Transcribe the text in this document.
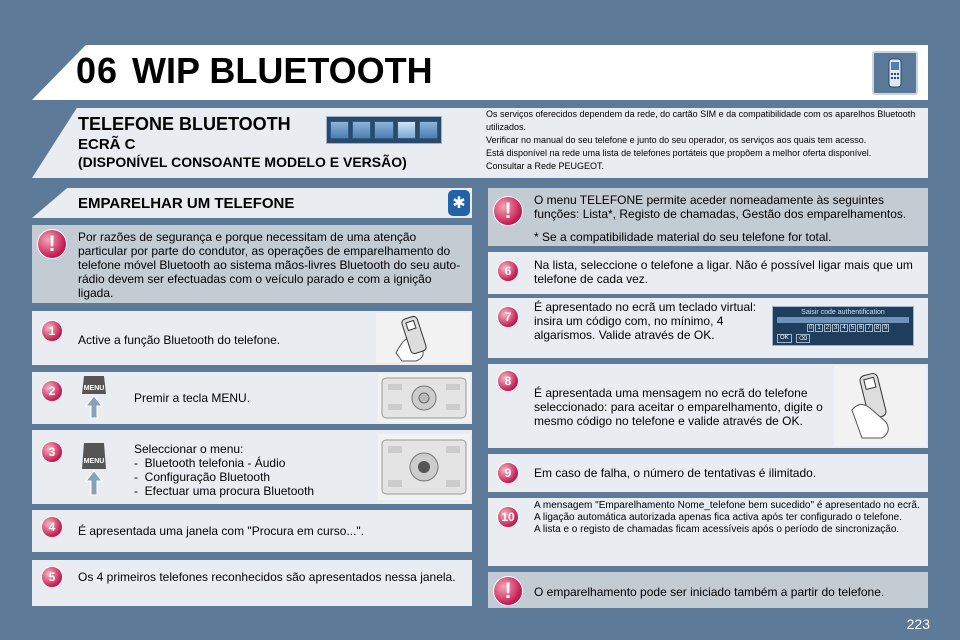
06 WIP BLUETOOTH
TELEFONE BLUETOOTH
ECRÃ C
(DISPONÍVEL CONSOANTE MODELO E VERSÃO)
Os serviços oferecidos dependem da rede, do cartão SIM e da compatibilidade com os aparelhos Bluetooth utilizados.
Verificar no manual do seu telefone e junto do seu operador, os serviços aos quais tem acesso.
Está disponível na rede uma lista de telefones portáteis que propõem a melhor oferta disponível.
Consultar a Rede PEUGEOT.
EMPARELHAR UM TELEFONE	✱
!	Por razões de segurança e porque necessitam de uma atenção particular por parte do condutor, as operações de emparelhamento do telefone móvel Bluetooth ao sistema mãos-livres Bluetooth do seu auto-rádio devem ser efectuadas com o veículo parado e com a ignição ligada.
1
Active a função Bluetooth do telefone.
2	MENU
Premir a tecla MENU.
3
MENU
Seleccionar o menu:
-  Bluetooth telefonia - Áudio
-  Configuração Bluetooth
-  Efectuar uma procura Bluetooth
4	É apresentada uma janela com "Procura em curso...".
5	Os 4 primeiros telefones reconhecidos são apresentados nessa janela.
!	O menu TELEFONE permite aceder nomeadamente às seguintes funções: Lista*, Registo de chamadas, Gestão dos emparelhamentos.
* Se a compatibilidade material do seu telefone for total.
6	Na lista, seleccione o telefone a ligar. Não é possível ligar mais que um telefone de cada vez.
7
É apresentado no ecrã um teclado virtual: insira um código com, no mínimo, 4 algarismos. Valide através de OK.
Saisir code authentification
0 1 2 3 4 5 6 7 8 9
OK	⌫
8
É apresentada uma mensagem no ecrã do telefone seleccionado: para aceitar o emparelhamento, digite o mesmo código no telefone e valide através de OK.
9	Em caso de falha, o número de tentativas é ilimitado.
10
A mensagem "Emparelhamento Nome_telefone bem sucedido" é apresentado no ecrã.
A ligação automática autorizada apenas fica activa após ter configurado o telefone.
A lista e o registo de chamadas ficam acessíveis após o período de sincronização.
!	O emparelhamento pode ser iniciado também a partir do telefone.
223
